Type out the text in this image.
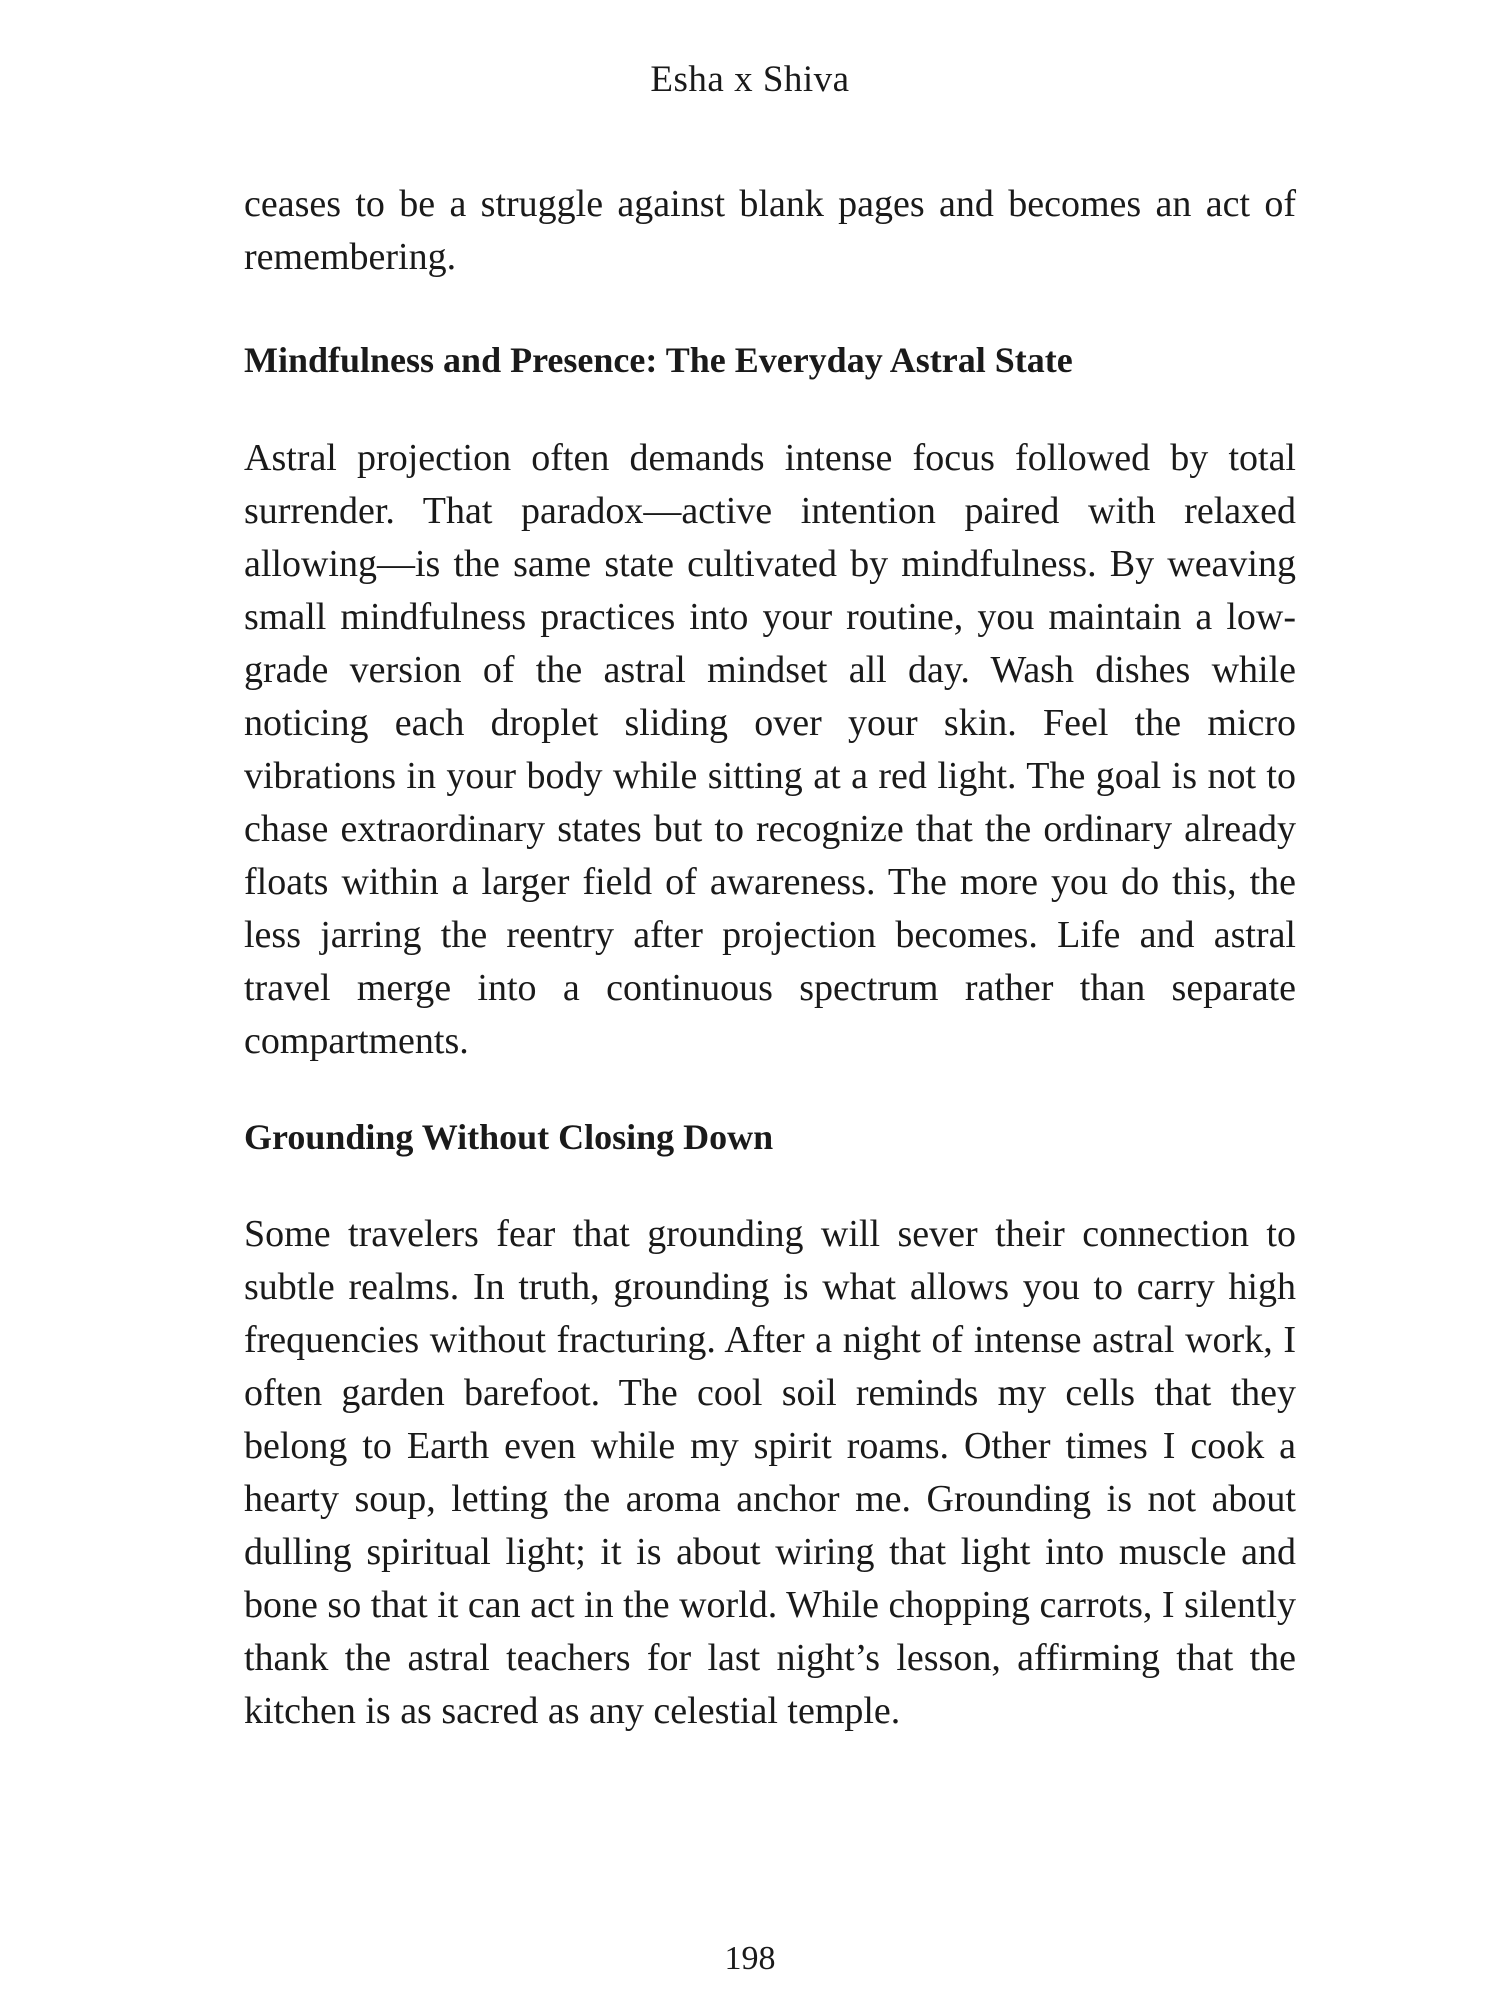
Esha x Shiva

ceases to be a struggle against blank pages and becomes an act of remembering.

Mindfulness and Presence: The Everyday Astral State

Astral projection often demands intense focus followed by total surrender. That paradox—active intention paired with relaxed allowing—is the same state cultivated by mindfulness. By weaving small mindfulness practices into your routine, you maintain a low-grade version of the astral mindset all day. Wash dishes while noticing each droplet sliding over your skin. Feel the micro vibrations in your body while sitting at a red light. The goal is not to chase extraordinary states but to recognize that the ordinary already floats within a larger field of awareness. The more you do this, the less jarring the reentry after projection becomes. Life and astral travel merge into a continuous spectrum rather than separate compartments.

Grounding Without Closing Down

Some travelers fear that grounding will sever their connection to subtle realms. In truth, grounding is what allows you to carry high frequencies without fracturing. After a night of intense astral work, I often garden barefoot. The cool soil reminds my cells that they belong to Earth even while my spirit roams. Other times I cook a hearty soup, letting the aroma anchor me. Grounding is not about dulling spiritual light; it is about wiring that light into muscle and bone so that it can act in the world. While chopping carrots, I silently thank the astral teachers for last night’s lesson, affirming that the kitchen is as sacred as any celestial temple.

198
